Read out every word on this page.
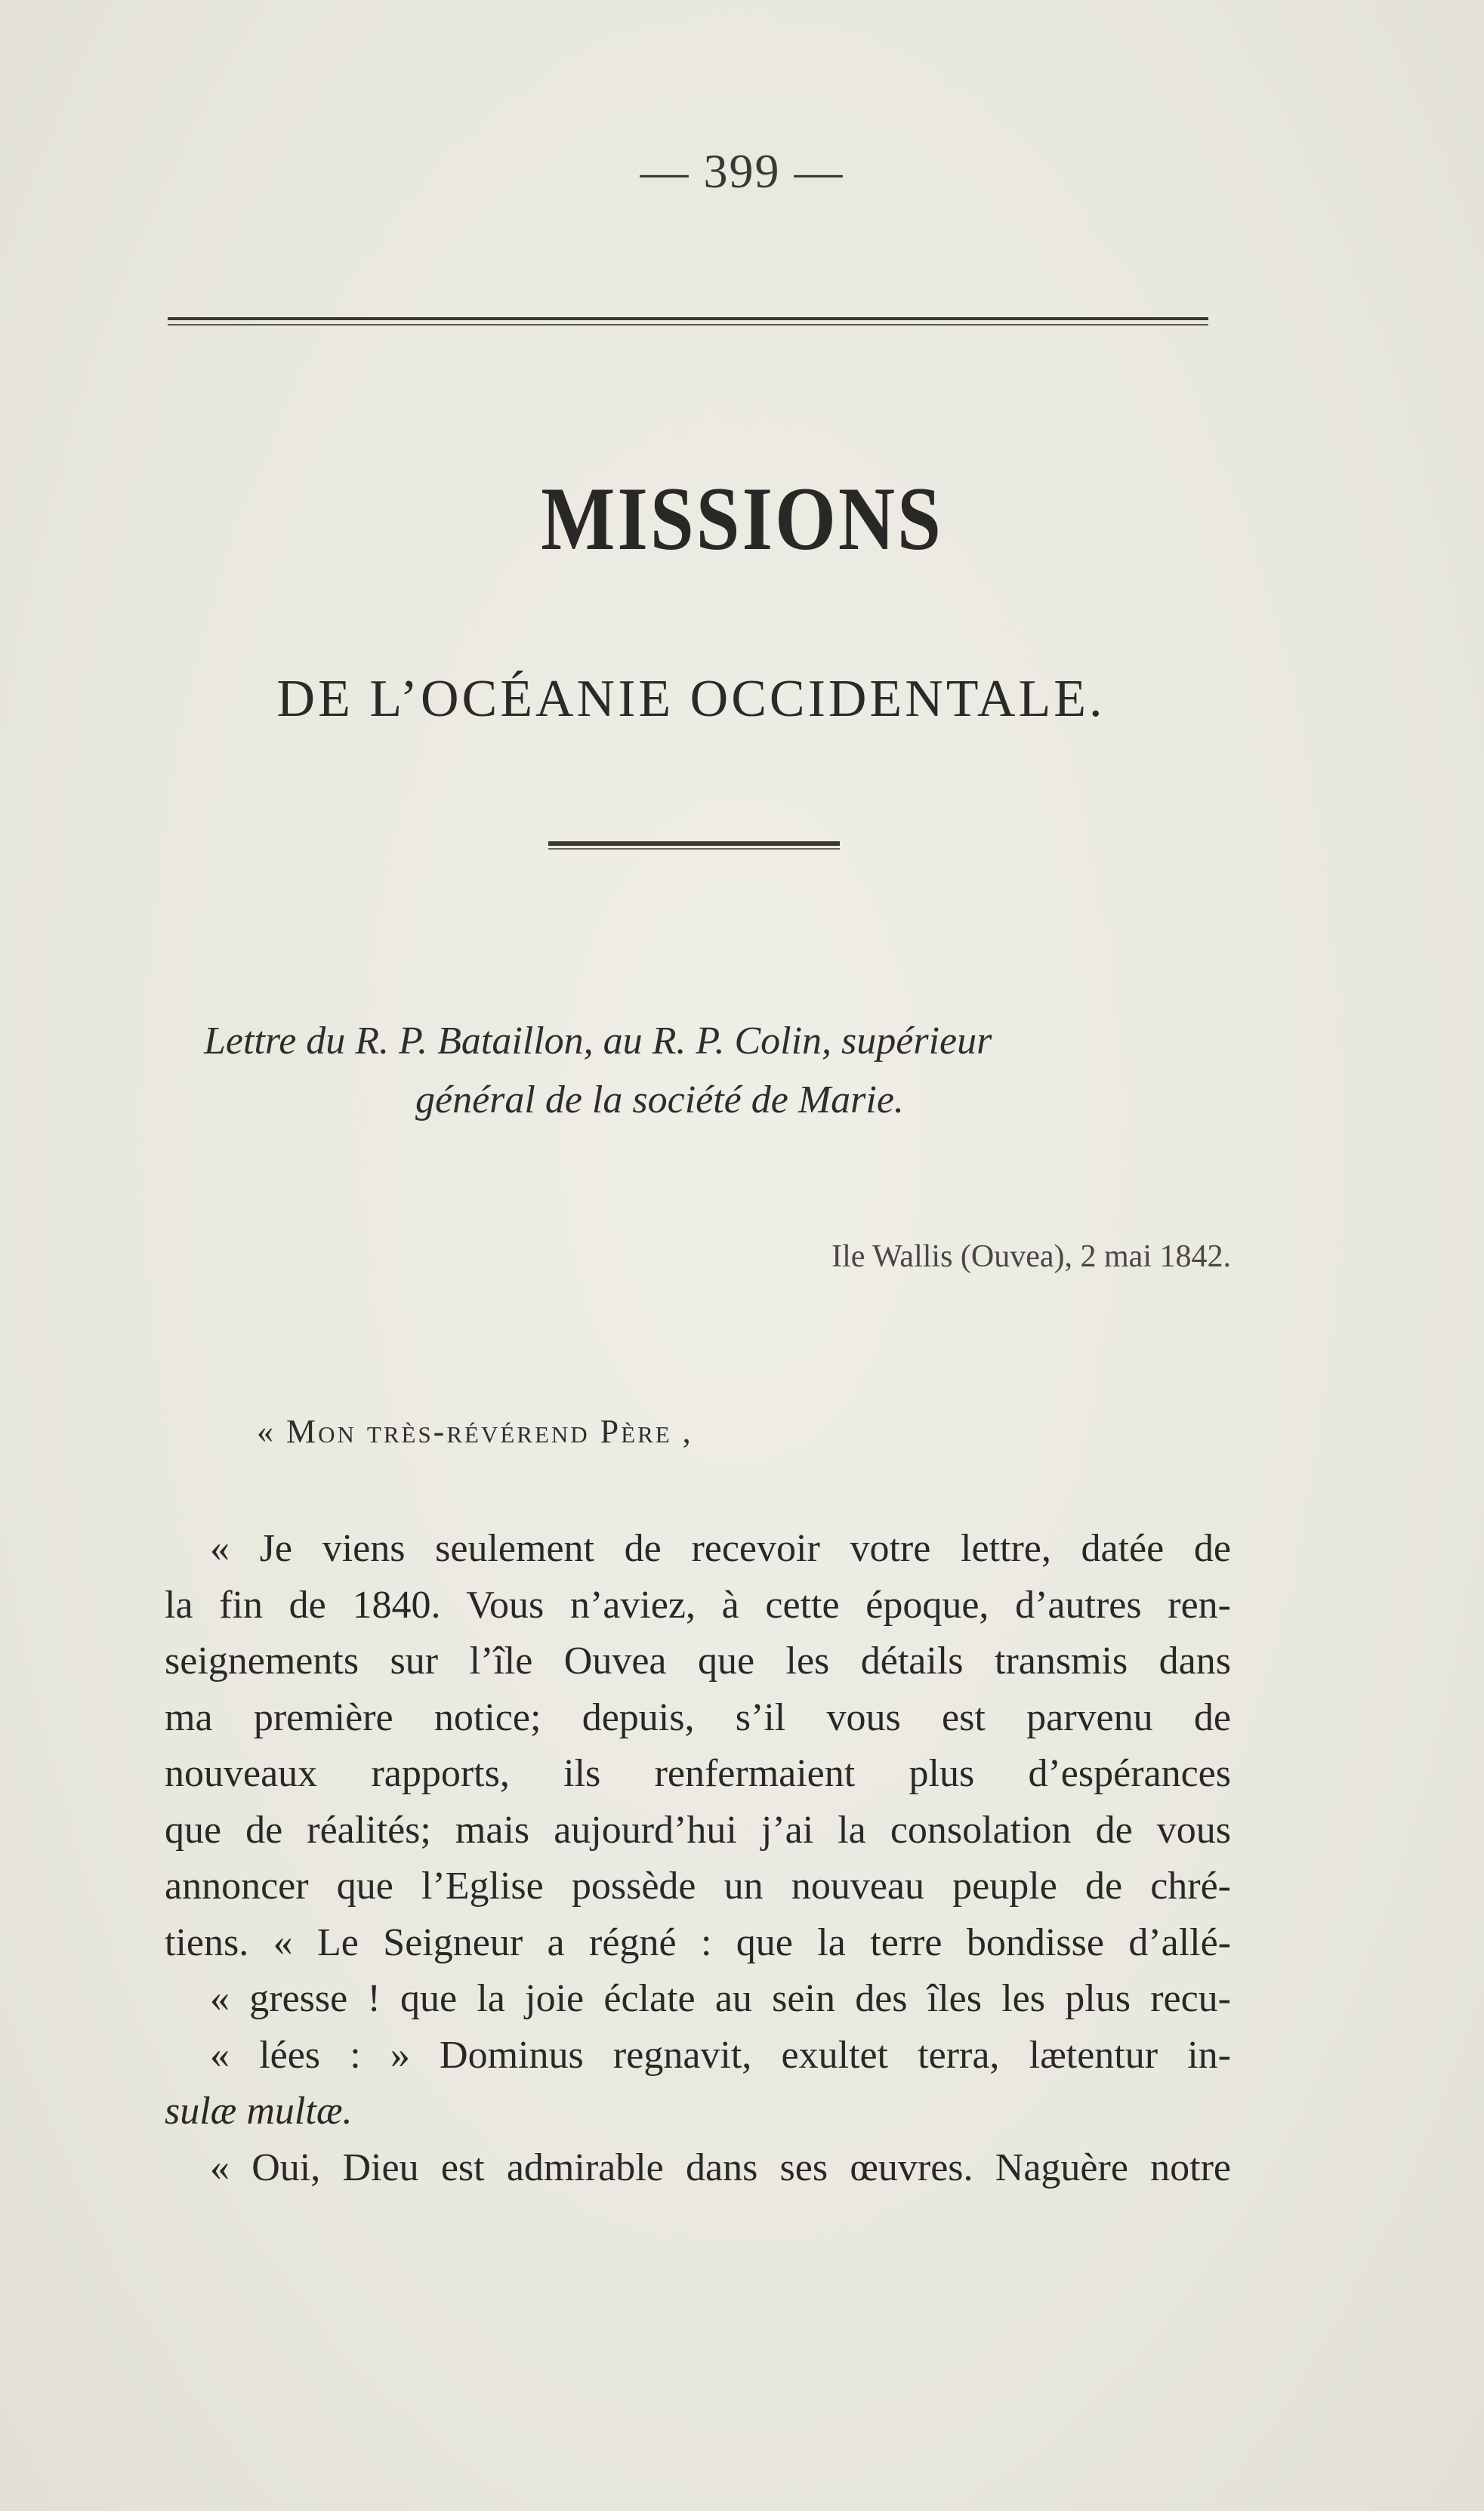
— 399 —
MISSIONS
DE L’OCÉANIE OCCIDENTALE.
Lettre du R. P. Bataillon, au R. P. Colin, supérieur
général de la société de Marie.
Ile Wallis (Ouvea), 2 mai 1842.
« Mon très-révérend Père ,
« Je viens seulement de recevoir votre lettre, datée de
la fin de 1840. Vous n’aviez, à cette époque, d’autres ren-
seignements sur l’île Ouvea que les détails transmis dans
ma première notice; depuis, s’il vous est parvenu de
nouveaux rapports, ils renfermaient plus d’espérances
que de réalités; mais aujourd’hui j’ai la consolation de vous
annoncer que l’Eglise possède un nouveau peuple de chré-
tiens. « Le Seigneur a régné : que la terre bondisse d’allé-
« gresse ! que la joie éclate au sein des îles les plus recu-
« lées : » Dominus regnavit, exultet terra, lætentur in-
sulæ multæ.
« Oui, Dieu est admirable dans ses œuvres. Naguère notre
